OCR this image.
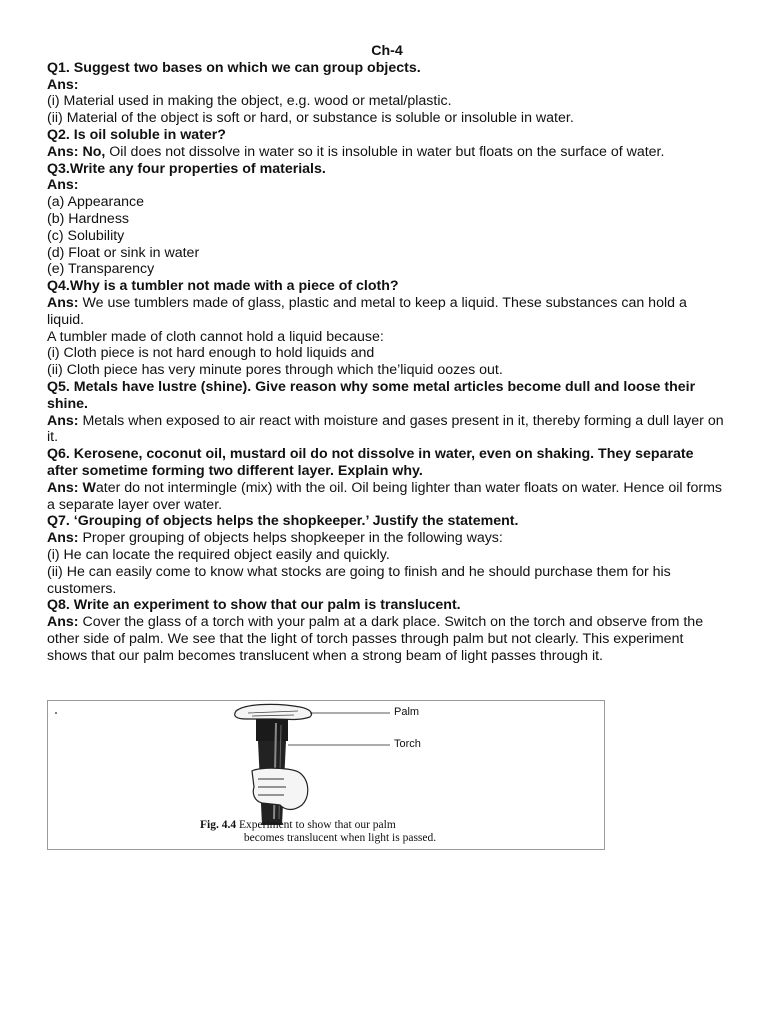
Ch-4
Q1. Suggest two bases on which we can group objects.
Ans:
(i) Material used in making the object, e.g. wood or metal/plastic.
(ii) Material of the object is soft or hard, or substance is soluble or insoluble in water.
Q2. Is oil soluble in water?
Ans: No, Oil does not dissolve in water so it is insoluble in water but floats on the surface of water.
Q3.Write any four properties of materials.
Ans:
(a) Appearance
(b) Hardness
(c) Solubility
(d) Float or sink in water
(e) Transparency
Q4.Why is a tumbler not made with a piece of cloth?
Ans: We use tumblers made of glass, plastic and metal to keep a liquid. These substances can hold a liquid.
A tumbler made of cloth cannot hold a liquid because:
(i) Cloth piece is not hard enough to hold liquids and
(ii) Cloth piece has very minute pores through which the’liquid oozes out.
Q5. Metals have lustre (shine). Give reason why some metal articles become dull and loose their shine.
Ans: Metals when exposed to air react with moisture and gases present in it, thereby forming a dull layer on it.
Q6. Kerosene, coconut oil, mustard oil do not dissolve in water, even on shaking. They separate after sometime forming two different layer. Explain why.
Ans: Water do not intermingle (mix) with the oil. Oil being lighter than water floats on water. Hence oil forms a separate layer over water.
Q7. ‘Grouping of objects helps the shopkeeper.’ Justify the statement.
Ans: Proper grouping of objects helps shopkeeper in the following ways:
(i) He can locate the required object easily and quickly.
(ii) He can easily come to know what stocks are going to finish and he should purchase them for his customers.
Q8. Write an experiment to show that our palm is translucent.
Ans: Cover the glass of a torch with your palm at a dark place. Switch on the torch and observe from the other side of palm. We see that the light of torch passes through palm but not clearly. This experiment shows that our palm becomes translucent when a strong beam of light passes through it.
Palm
Torch
Fig. 4.4 Experiment to show that our palm
becomes translucent when light is passed.
